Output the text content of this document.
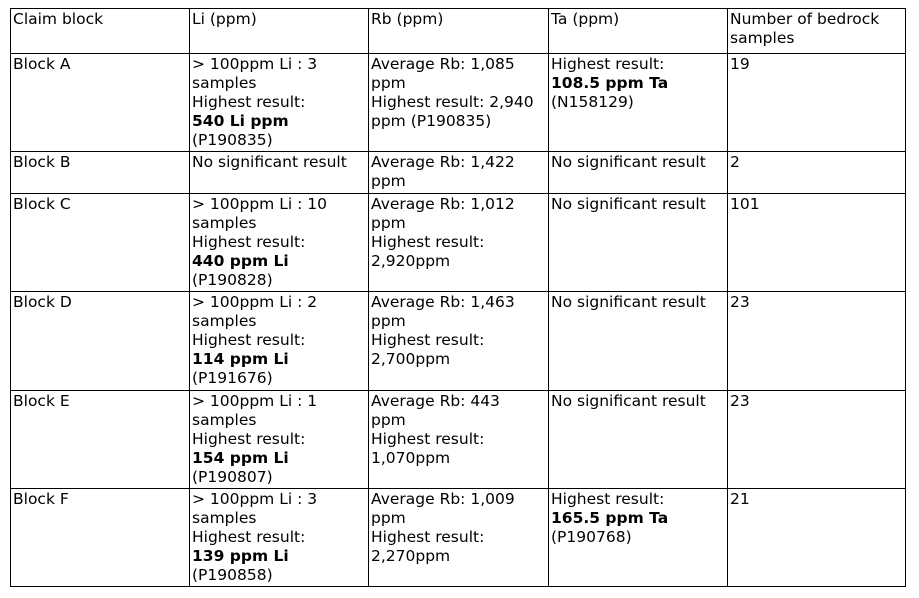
Claim block	Li (ppm)	Rb (ppm)	Ta (ppm)	Number of bedrock
samples

Block A	> 100ppm Li : 3
samples
Highest result:
540 Li ppm
(P190835)	Average Rb: 1,085
ppm
Highest result: 2,940
ppm (P190835)	Highest result:
108.5 ppm Ta
(N158129)	19

Block B	No significant result	Average Rb: 1,422
ppm	No significant result	2

Block C	> 100ppm Li : 10
samples
Highest result:
440 ppm Li
(P190828)	Average Rb: 1,012
ppm
Highest result:
2,920ppm	No significant result	101

Block D	> 100ppm Li : 2
samples
Highest result:
114 ppm Li
(P191676)	Average Rb: 1,463
ppm
Highest result:
2,700ppm	No significant result	23

Block E	> 100ppm Li : 1
samples
Highest result:
154 ppm Li
(P190807)	Average Rb: 443
ppm
Highest result:
1,070ppm	No significant result	23

Block F	> 100ppm Li : 3
samples
Highest result:
139 ppm Li
(P190858)	Average Rb: 1,009
ppm
Highest result:
2,270ppm	Highest result:
165.5 ppm Ta
(P190768)	21
